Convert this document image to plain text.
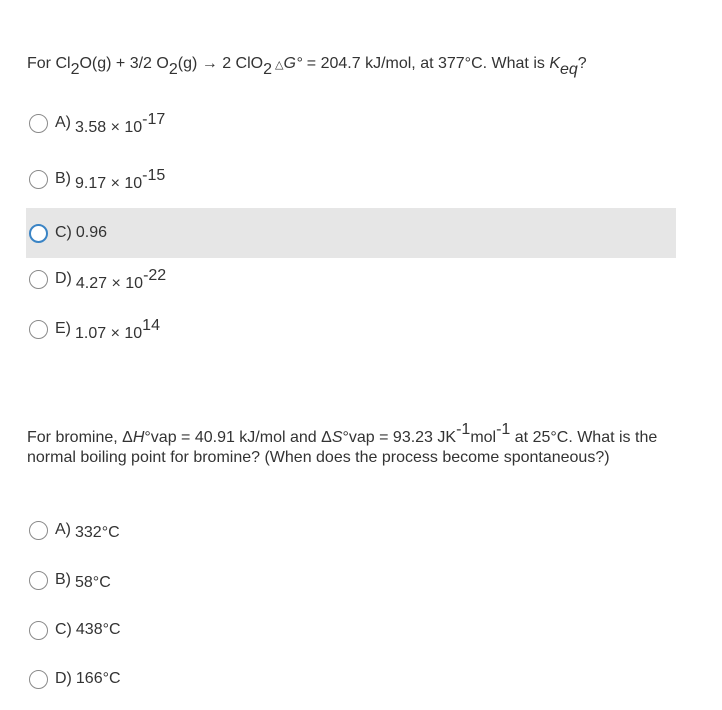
For $Cl_2O(g) + 3/2$ $O_2(g) \to 2$ ClO$_2$ △G° = 204.7 kJ/mol, at 377°C. What is $K_{eq}$?
A) $3.58 \times 10^{-17}$
B) $9.17 \times 10^{-15}$
C) 0.96
D) $4.27 \times 10^{-22}$
E) $1.07 \times 10^{14}$
For bromine, ΔH°vap = 40.91 kJ/mol and ΔS°vap = 93.23 $JK^{-1}mol^{-1}$ at 25°C. What is the normal boiling point for bromine? (When does the process become spontaneous?)
A) 332°C
B) 58°C
C) 438°C
D) 166°C
